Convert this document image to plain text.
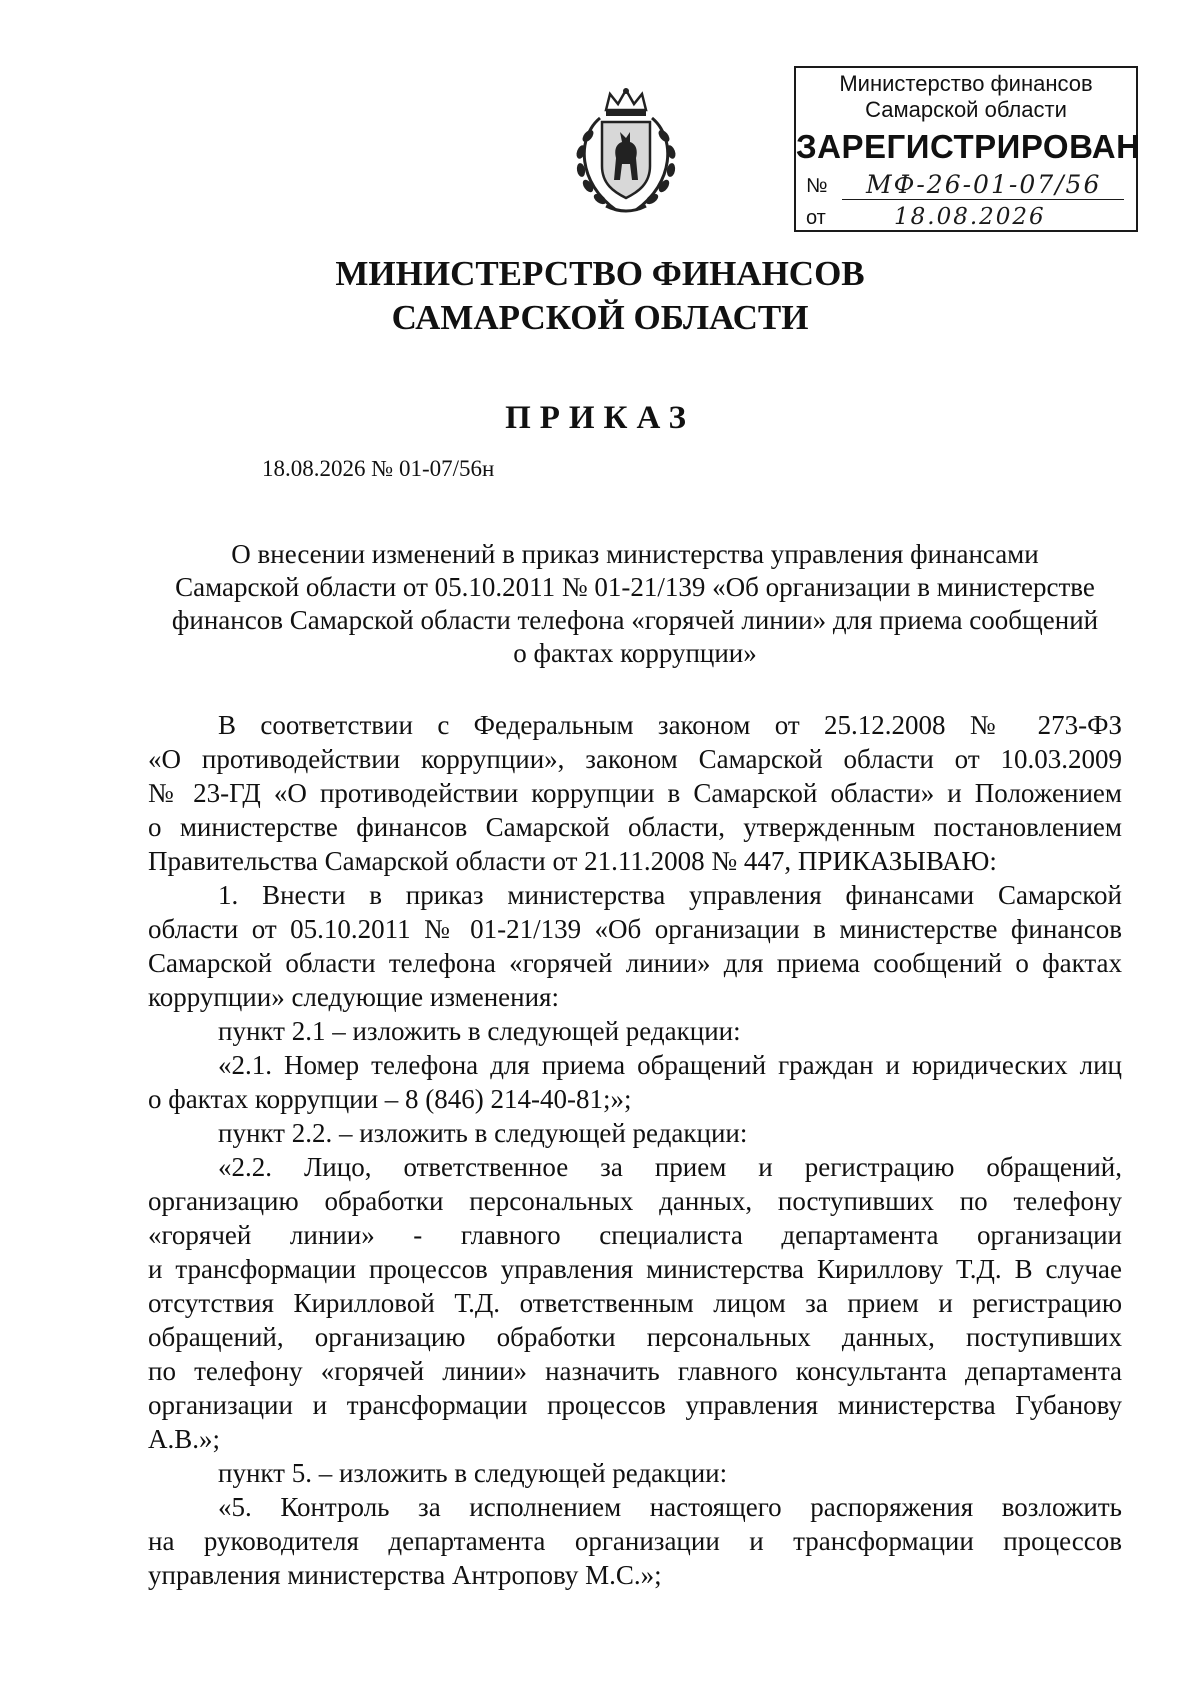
Министерство финансов
Самарской области
ЗАРЕГИСТРИРОВАН
№	МФ-26-01-07/56
от	18.08.2026
МИНИСТЕРСТВО ФИНАНСОВ
САМАРСКОЙ ОБЛАСТИ
ПРИКАЗ
18.08.2026 № 01-07/56н
О внесении изменений в приказ министерства управления финансами
Самарской области от 05.10.2011 № 01-21/139 «Об организации в министерстве
финансов Самарской области телефона «горячей линии» для приема сообщений
о фактах коррупции»
В соответствии с Федеральным законом от 25.12.2008 № 273-ФЗ
«О противодействии коррупции», законом Самарской области от 10.03.2009
№ 23-ГД «О противодействии коррупции в Самарской области» и Положением
о министерстве финансов Самарской области, утвержденным постановлением
Правительства Самарской области от 21.11.2008 № 447, ПРИКАЗЫВАЮ:
1. Внести в приказ министерства управления финансами Самарской
области от 05.10.2011 № 01-21/139 «Об организации в министерстве финансов
Самарской области телефона «горячей линии» для приема сообщений о фактах
коррупции» следующие изменения:
пункт 2.1 – изложить в следующей редакции:
«2.1. Номер телефона для приема обращений граждан и юридических лиц
о фактах коррупции – 8 (846) 214-40-81;»;
пункт 2.2. – изложить в следующей редакции:
«2.2. Лицо, ответственное за прием и регистрацию обращений,
организацию обработки персональных данных, поступивших по телефону
«горячей линии» - главного специалиста департамента организации
и трансформации процессов управления министерства Кириллову Т.Д. В случае
отсутствия Кирилловой Т.Д. ответственным лицом за прием и регистрацию
обращений, организацию обработки персональных данных, поступивших
по телефону «горячей линии» назначить главного консультанта департамента
организации и трансформации процессов управления министерства Губанову
А.В.»;
пункт 5. – изложить в следующей редакции:
«5. Контроль за исполнением настоящего распоряжения возложить
на руководителя департамента организации и трансформации процессов
управления министерства Антропову М.С.»;
